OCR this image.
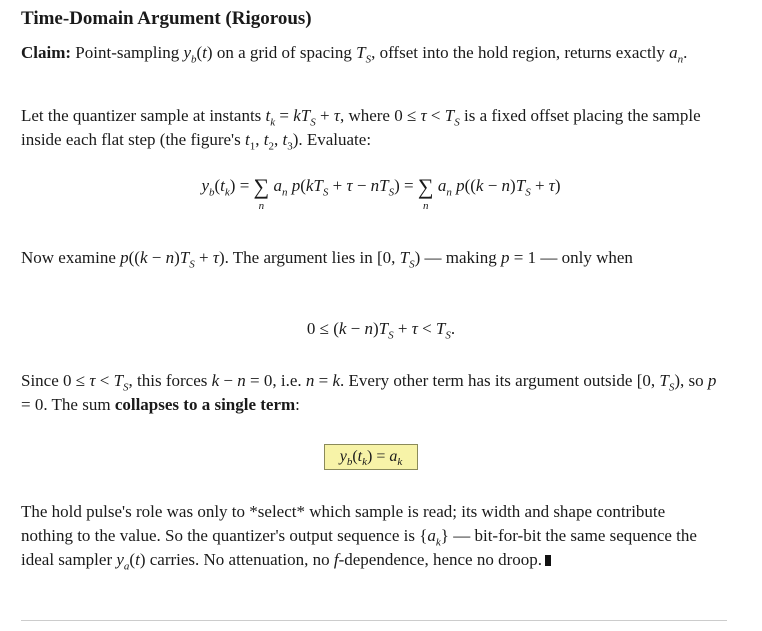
Time-Domain Argument (Rigorous)

Claim: Point-sampling $y_b(t)$ on a grid of spacing $T_S$, offset into the hold region, returns exactly $a_n$.

Let the quantizer sample at instants $t_k = kT_S + \tau$, where $0 \le \tau < T_S$ is a fixed offset placing the sample inside each flat step (the figure's $t_1$, $t_2$, $t_3$). Evaluate:

$y_b(t_k)$ = ∑
n
$a_n$ $p(kT_S + \tau - nT_S)$ = ∑
n
$a_n$ $p((k - n)T_S + \tau)$

Now examine $p((k - n)T_S + \tau)$. The argument lies in [0, $T_S$) — making p = 1 — only when

$0 \le (k - n)T_S + \tau < T_S$.

Since $0 \le \tau < T_S$, this forces k − n = 0, i.e. n = k. Every other term has its argument outside [0, $T_S$), so p = 0. The sum collapses to a single term:

$y_b(t_k) = a_k$

The hold pulse's role was only to *select* which sample is read; its width and shape contribute nothing to the value. So the quantizer's output sequence is $\{a_k\}$ — bit-for-bit the same sequence the ideal sampler $y_a(t)$ carries. No attenuation, no f-dependence, hence no droop.
